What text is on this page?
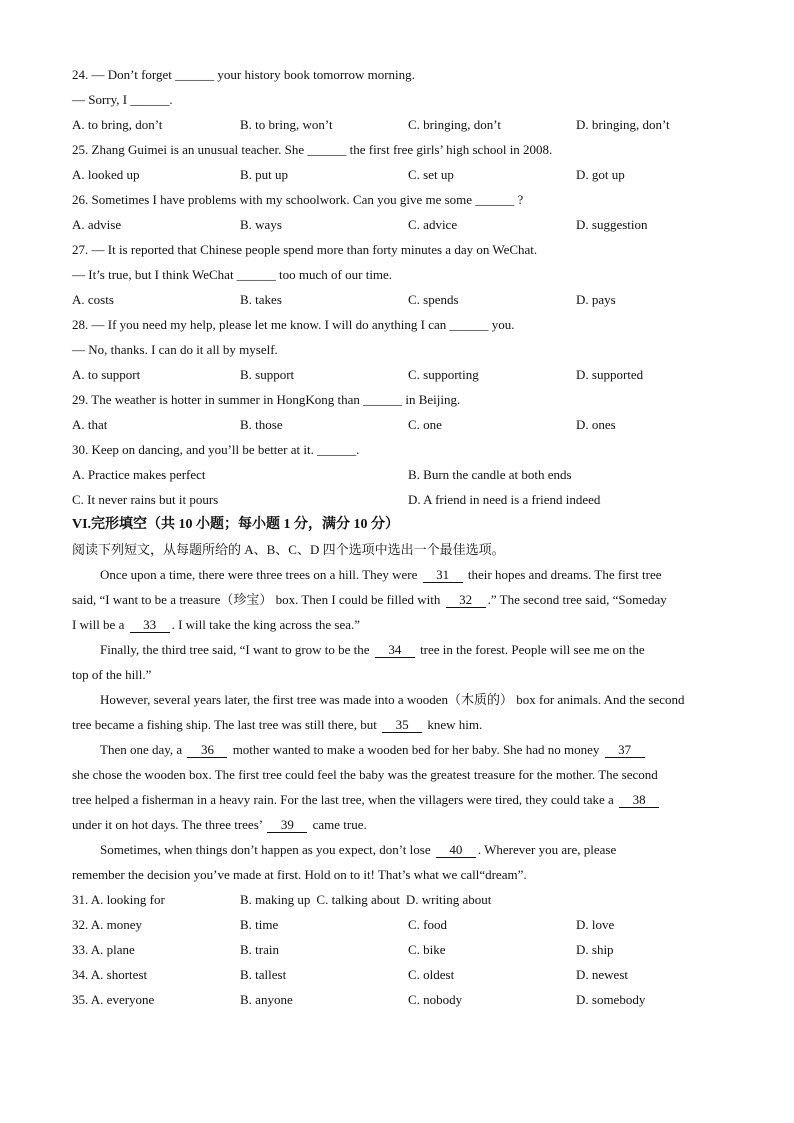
24. — Don’t forget ______ your history book tomorrow morning.
— Sorry, I ______.
A. to bring, don’t	B. to bring, won’t	C. bringing, don’t	D. bringing, don’t
25. Zhang Guimei is an unusual teacher. She ______ the first free girls’ high school in 2008.
A. looked up	B. put up	C. set up	D. got up
26. Sometimes I have problems with my schoolwork. Can you give me some ______ ?
A. advise	B. ways	C. advice	D. suggestion
27. — It is reported that Chinese people spend more than forty minutes a day on WeChat.
— It’s true, but I think WeChat ______ too much of our time.
A. costs	B. takes	C. spends	D. pays
28. — If you need my help, please let me know. I will do anything I can ______ you.
— No, thanks. I can do it all by myself.
A. to support	B. support	C. supporting	D. supported
29. The weather is hotter in summer in HongKong than ______ in Beijing.
A. that	B. those	C. one	D. ones
30. Keep on dancing, and you’ll be better at it. ______.
A. Practice makes perfect	B. Burn the candle at both ends
C. It never rains but it pours	D. A friend in need is a friend indeed
VI.完形填空（共 10 小题；每小题 1 分，满分 10 分）
阅读下列短文，从每题所给的 A、B、C、D 四个选项中选出一个最佳选项。
Once upon a time, there were three trees on a hill. They were 31 their hopes and dreams. The first tree
said, “I want to be a treasure（珍宝） box. Then I could be filled with 32 .” The second tree said, “Someday
I will be a 33 . I will take the king across the sea.”
Finally, the third tree said, “I want to grow to be the 34 tree in the forest. People will see me on the
top of the hill.”
However, several years later, the first tree was made into a wooden（木质的） box for animals. And the second
tree became a fishing ship. The last tree was still there, but 35 knew him.
Then one day, a 36 mother wanted to make a wooden bed for her baby. She had no money 37
she chose the wooden box. The first tree could feel the baby was the greatest treasure for the mother. The second
tree helped a fisherman in a heavy rain. For the last tree, when the villagers were tired, they could take a 38
under it on hot days. The three trees’ 39 came true.
Sometimes, when things don’t happen as you expect, don’t lose 40 . Wherever you are, please
remember the decision you’ve made at first. Hold on to it! That’s what we call“dream”.
31. A. looking for	B. making up C. talking about D. writing about
32. A. money	B. time	C. food	D. love
33. A. plane	B. train	C. bike	D. ship
34. A. shortest	B. tallest	C. oldest	D. newest
35. A. everyone	B. anyone	C. nobody	D. somebody
